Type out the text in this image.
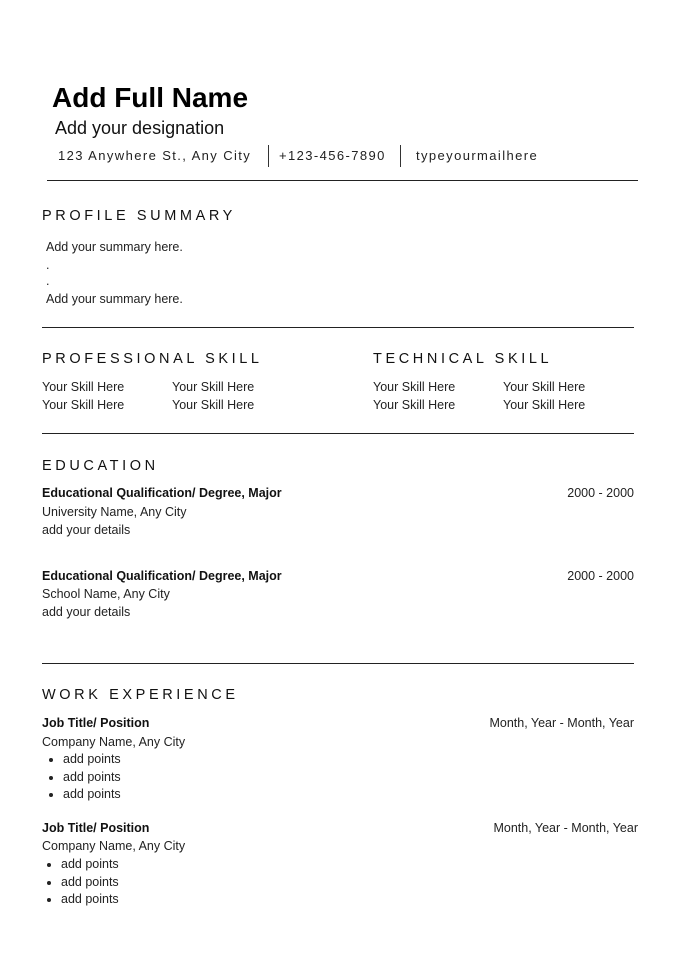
Add Full Name
Add your designation
123 Anywhere St., Any City +123-456-7890 typeyourmailhere
PROFILE SUMMARY
Add your summary here.
.
.
Add your summary here.
PROFESSIONAL SKILL
Your Skill Here	Your Skill Here
Your Skill Here	Your Skill Here
TECHNICAL SKILL
Your Skill Here	Your Skill Here
Your Skill Here	Your Skill Here
EDUCATION
Educational Qualification/ Degree, Major	2000 - 2000
University Name, Any City
add your details
Educational Qualification/ Degree, Major	2000 - 2000
School Name, Any City
add your details
WORK EXPERIENCE
Job Title/ Position	Month, Year - Month, Year
Company Name, Any City
• add points
• add points
• add points
Job Title/ Position	Month, Year - Month, Year
Company Name, Any City
• add points
• add points
• add points
